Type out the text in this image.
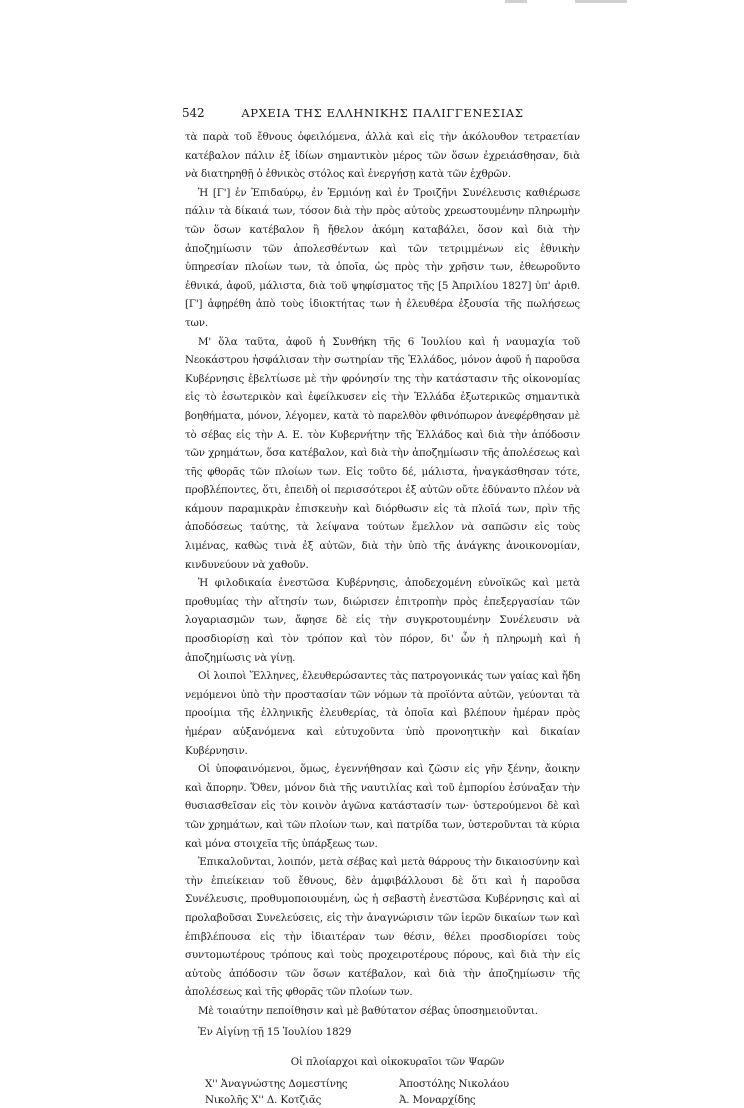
542	ΑΡΧΕΙΑ ΤΗΣ ΕΛΛΗΝΙΚΗΣ ΠΑΛΙΓΓΕΝΕΣΙΑΣ

τὰ παρὰ τοῦ ἔθνους ὀφειλόμενα, ἀλλὰ καὶ εἰς τὴν ἀκόλουθον τετραετίαν κατέβαλον πάλιν ἐξ ἰδίων σημαντικὸν μέρος τῶν ὅσων ἐχρειάσθησαν, διὰ νὰ διατηρηθῇ ὁ ἐθνικὸς στόλος καὶ ἐνεργήσῃ κατὰ τῶν ἐχθρῶν.

Ἡ [Γ'] ἐν Ἐπιδαύρῳ, ἐν Ἑρμιόνῃ καὶ ἐν Τροιζῆνι Συνέλευσις καθιέρωσε πάλιν τὰ δίκαιά των, τόσον διὰ τὴν πρὸς αὐτοὺς χρεωστουμένην πληρωμὴν τῶν ὅσων κατέβαλον ἢ ἤθελον ἀκόμη καταβάλει, ὅσον καὶ διὰ τὴν ἀποζημίωσιν τῶν ἀπολεσθέντων καὶ τῶν τετριμμένων εἰς ἐθνικὴν ὑπηρεσίαν πλοίων των, τὰ ὁποῖα, ὡς πρὸς τὴν χρῆσιν των, ἐθεωροῦντο ἐθνικά, ἀφοῦ, μάλιστα, διὰ τοῦ ψηφίσματος τῆς [5 Ἀπριλίου 1827] ὑπ' ἀριθ. [Γ'] ἀφῃρέθη ἀπὸ τοὺς ἰδιοκτήτας των ἡ ἐλευθέρα ἐξουσία τῆς πωλήσεως των.

Μ' ὅλα ταῦτα, ἀφοῦ ἡ Συνθήκη τῆς 6 Ἰουλίου καὶ ἡ ναυμαχία τοῦ Νεοκάστρου ἠσφάλισαν τὴν σωτηρίαν τῆς Ἑλλάδος, μόνον ἀφοῦ ἡ παροῦσα Κυβέρνησις ἐβελτίωσε μὲ τὴν φρόνησίν της τὴν κατάστασιν τῆς οἰκονομίας εἰς τὸ ἐσωτερικὸν καὶ ἐφείλκυσεν εἰς τὴν Ἑλλάδα ἐξωτερικῶς σημαντικὰ βοηθήματα, μόνον, λέγομεν, κατὰ τὸ παρελθὸν φθινόπωρον ἀνεφέρθησαν μὲ τὸ σέβας εἰς τὴν Α. Ε. τὸν Κυβερνήτην τῆς Ἑλλάδος καὶ διὰ τὴν ἀπόδοσιν τῶν χρημάτων, ὅσα κατέβαλον, καὶ διὰ τὴν ἀποζημίωσιν τῆς ἀπολέσεως καὶ τῆς φθορᾶς τῶν πλοίων των. Εἰς τοῦτο δέ, μάλιστα, ἠναγκάσθησαν τότε, προβλέποντες, ὅτι, ἐπειδὴ οἱ περισσότεροι ἐξ αὐτῶν οὔτε ἐδύναντο πλέον νὰ κάμουν παραμικρὰν ἐπισκευὴν καὶ διόρθωσιν εἰς τὰ πλοῖά των, πρὶν τῆς ἀποδόσεως ταύτης, τὰ λείψανα τούτων ἔμελλον νὰ σαπῶσιν εἰς τοὺς λιμένας, καθὼς τινὰ ἐξ αὐτῶν, διὰ τὴν ὑπὸ τῆς ἀνάγκης ἀνοικονομίαν, κινδυνεύουν νὰ χαθοῦν.

Ἡ φιλοδικαία ἐνεστῶσα Κυβέρνησις, ἀποδεχομένη εὐνοϊκῶς καὶ μετὰ προθυμίας τὴν αἴτησίν των, διώρισεν ἐπιτροπὴν πρὸς ἐπεξεργασίαν τῶν λογαριασμῶν των, ἄφησε δὲ εἰς τὴν συγκροτουμένην Συνέλευσιν νὰ προσδιορίσῃ καὶ τὸν τρόπον καὶ τὸν πόρον, δι' ὧν ἡ πληρωμὴ καὶ ἡ ἀποζημίωσις νὰ γίνῃ.

Οἱ λοιποὶ Ἕλληνες, ἐλευθερώσαντες τὰς πατρογονικάς των γαίας καὶ ἤδη νεμόμενοι ὑπὸ τὴν προστασίαν τῶν νόμων τὰ προϊόντα αὐτῶν, γεύονται τὰ προοίμια τῆς ἑλληνικῆς ἐλευθερίας, τὰ ὁποῖα καὶ βλέπουν ἡμέραν πρὸς ἡμέραν αὐξανόμενα καὶ εὐτυχοῦντα ὑπὸ προνοητικὴν καὶ δικαίαν Κυβέρνησιν.

Οἱ ὑποφαινόμενοι, ὅμως, ἐγεννήθησαν καὶ ζῶσιν εἰς γῆν ξένην, ἄοικην καὶ ἄπορην. Ὅθεν, μόνον διὰ τῆς ναυτιλίας καὶ τοῦ ἐμπορίου ἐσύναξαν τὴν θυσιασθεῖσαν εἰς τὸν κοινὸν ἀγῶνα κατάστασίν των· ὑστερούμενοι δὲ καὶ τῶν χρημάτων, καὶ τῶν πλοίων των, καὶ πατρίδα των, ὑστεροῦνται τὰ κύρια καὶ μόνα στοιχεῖα τῆς ὑπάρξεως των.

Ἐπικαλοῦνται, λοιπόν, μετὰ σέβας καὶ μετὰ θάρρους τὴν δικαιοσύνην καὶ τὴν ἐπιείκειαν τοῦ ἔθνους, δὲν ἀμφιβάλλουσι δὲ ὅτι καὶ ἡ παροῦσα Συνέλευσις, προθυμοποιουμένη, ὡς ἡ σεβαστὴ ἐνεστῶσα Κυβέρνησις καὶ αἱ προλαβοῦσαι Συνελεύσεις, εἰς τὴν ἀναγνώρισιν τῶν ἱερῶν δικαίων των καὶ ἐπιβλέπουσα εἰς τὴν ἰδιαιτέραν των θέσιν, θέλει προσδιορίσει τοὺς συντομωτέρους τρόπους καὶ τοὺς προχειροτέρους πόρους, καὶ διὰ τὴν εἰς αὐτοὺς ἀπόδοσιν τῶν ὅσων κατέβαλον, καὶ διὰ τὴν ἀποζημίωσιν τῆς ἀπολέσεως καὶ τῆς φθορᾶς τῶν πλοίων των.

Μὲ τοιαύτην πεποίθησιν καὶ μὲ βαθύτατον σέβας ὑποσημειοῦνται.

Ἐν Αἰγίνῃ τῇ 15 Ἰουλίου 1829
Οἱ πλοίαρχοι καὶ οἰκοκυραῖοι τῶν Ψαρῶν
Χ'' Ἀναγνώστης Δομεστίνης
Νικολῆς Χ'' Δ. Κοτζιᾶς
Ἀποστόλης Νικολάου
Ἀ. Μοναρχίδης
